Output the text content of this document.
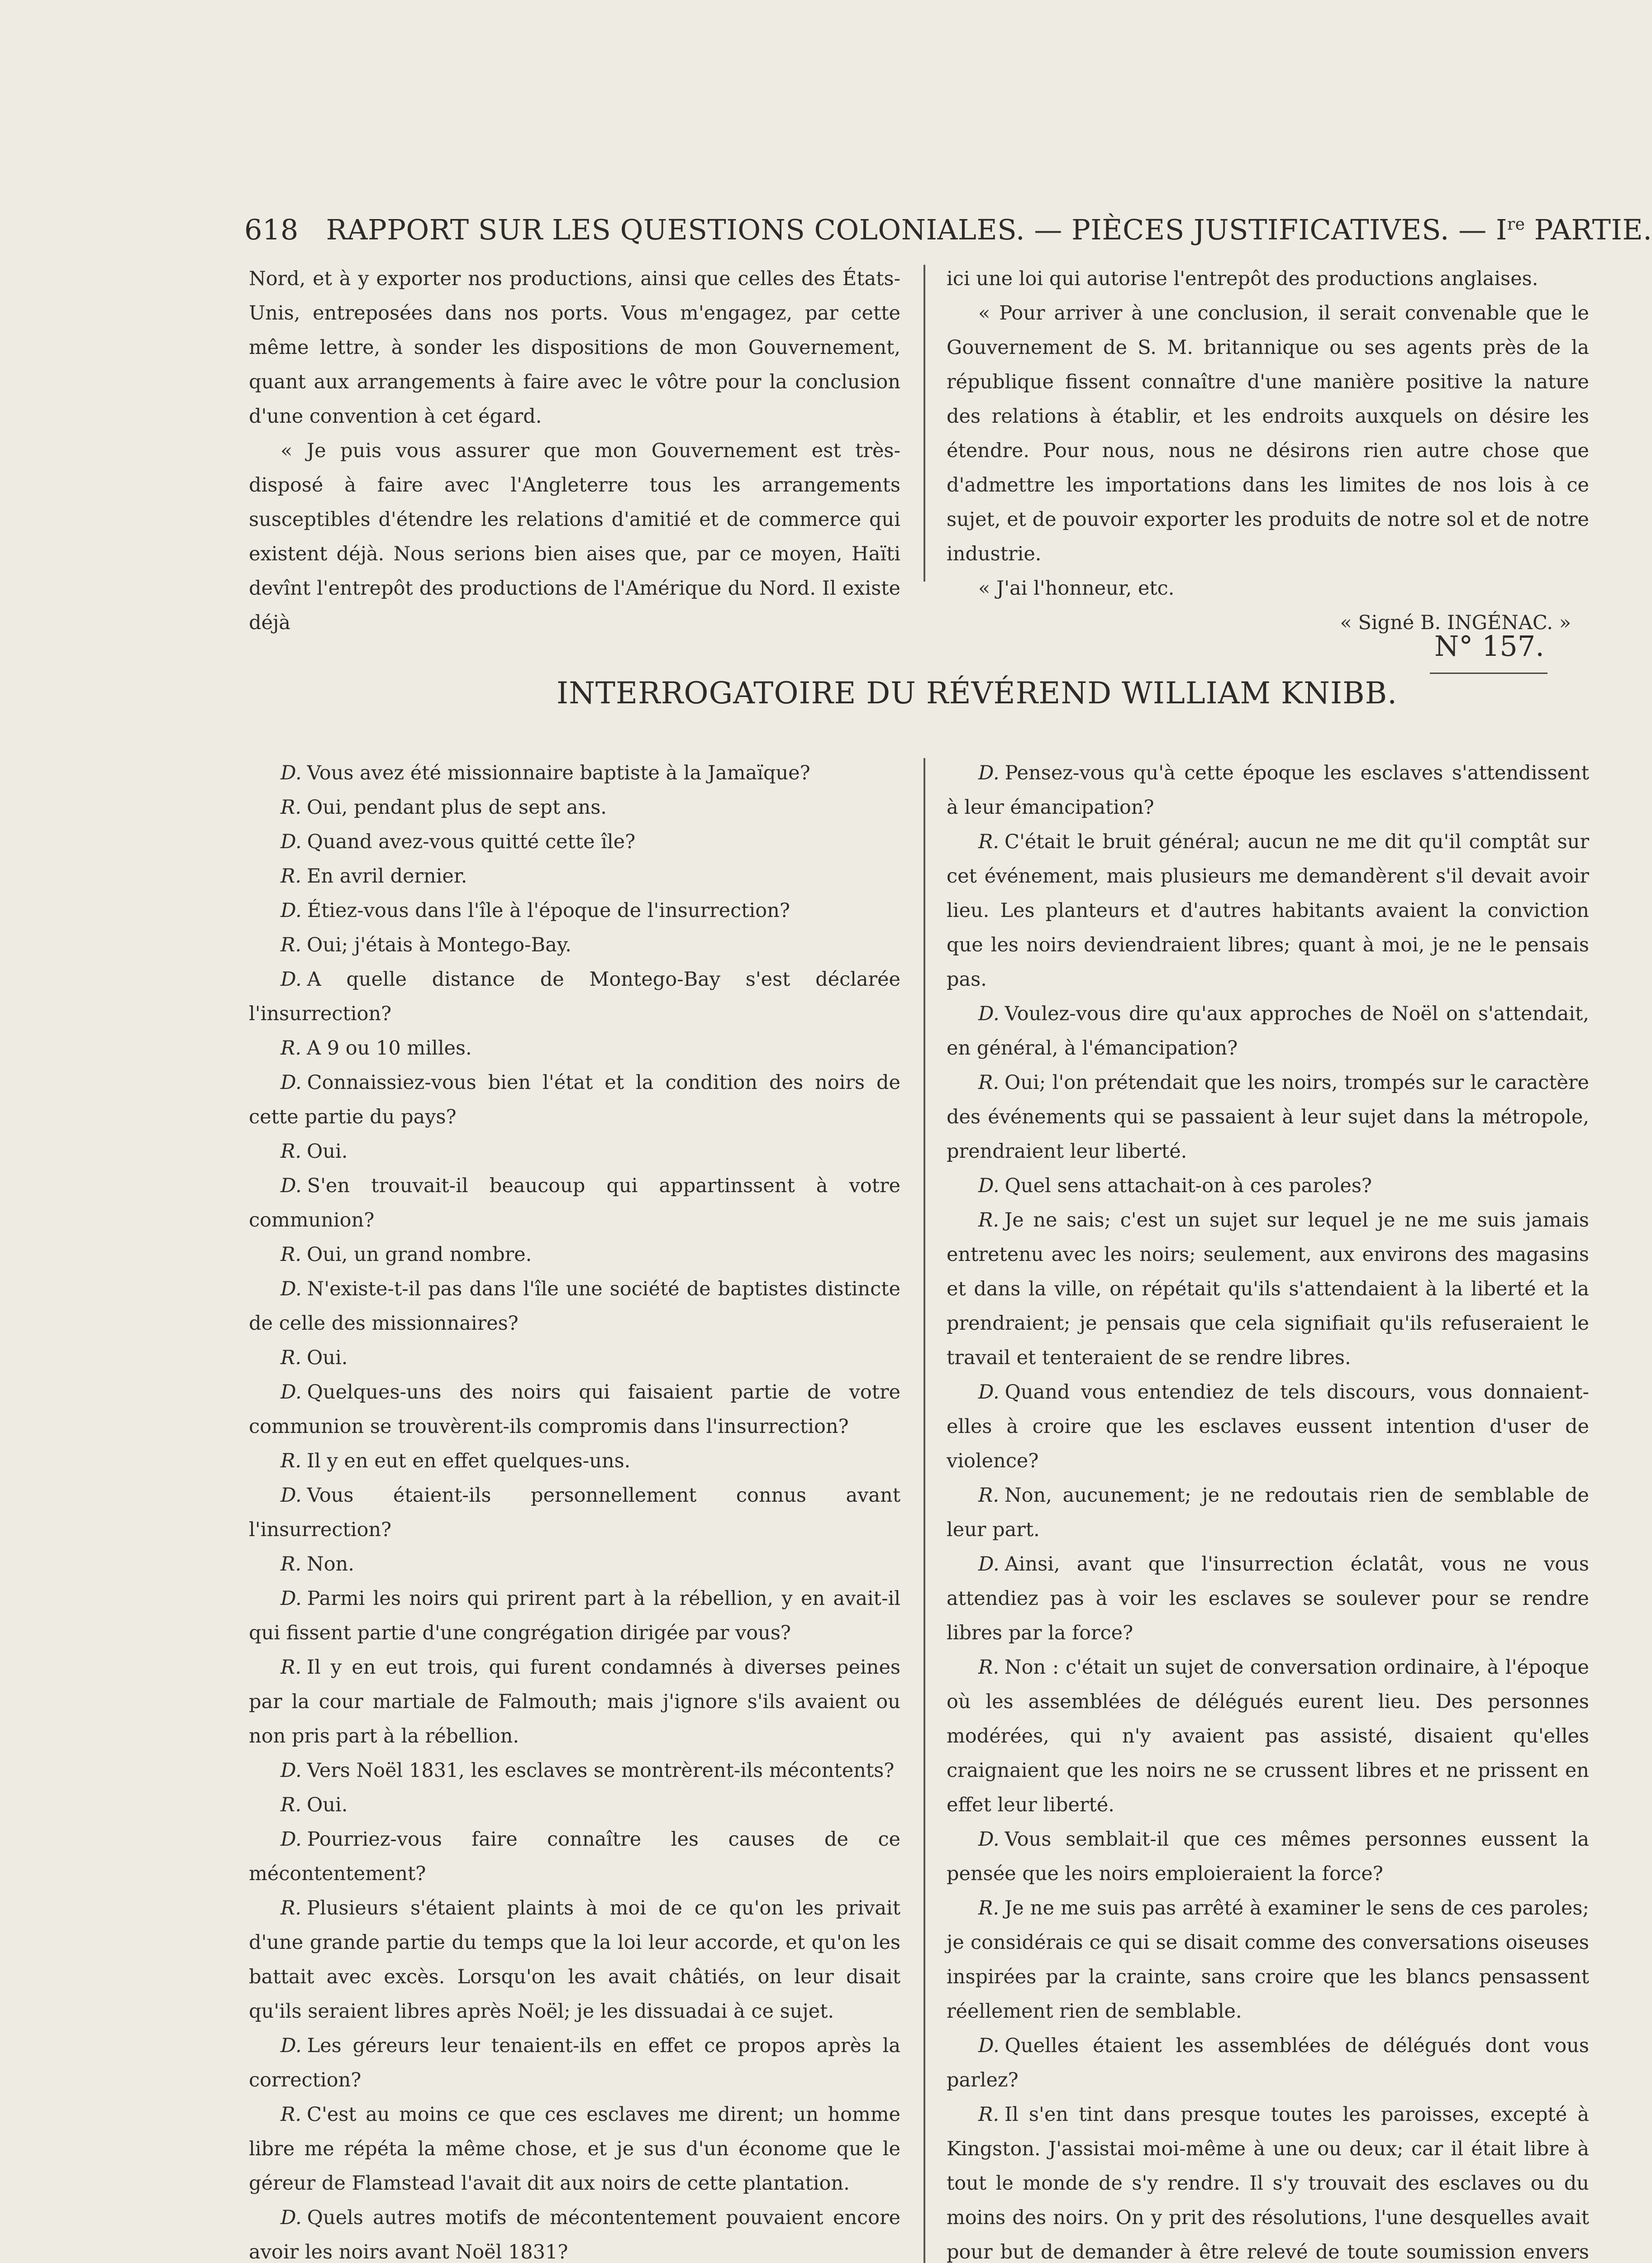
618 RAPPORT SUR LES QUESTIONS COLONIALES. — PIÈCES JUSTIFICATIVES. — Ire PARTIE.

Nord, et à y exporter nos productions, ainsi que celles des États-Unis, entreposées dans nos ports. Vous m'engagez, par cette même lettre, à sonder les dispositions de mon Gouvernement, quant aux arrangements à faire avec le vôtre pour la conclusion d'une convention à cet égard.

« Je puis vous assurer que mon Gouvernement est très-disposé à faire avec l'Angleterre tous les arrangements susceptibles d'étendre les relations d'amitié et de commerce qui existent déjà. Nous serions bien aises que, par ce moyen, Haïti devînt l'entrepôt des productions de l'Amérique du Nord. Il existe déjà

ici une loi qui autorise l'entrepôt des productions anglaises.

« Pour arriver à une conclusion, il serait convenable que le Gouvernement de S. M. britannique ou ses agents près de la république fissent connaître d'une manière positive la nature des relations à établir, et les endroits auxquels on désire les étendre. Pour nous, nous ne désirons rien autre chose que d'admettre les importations dans les limites de nos lois à ce sujet, et de pouvoir exporter les produits de notre sol et de notre industrie.

« J'ai l'honneur, etc.

« Signé B. INGÉNAC. »

N° 157.
INTERROGATOIRE DU RÉVÉREND WILLIAM KNIBB.

D. Vous avez été missionnaire baptiste à la Jamaïque?

R. Oui, pendant plus de sept ans.

D. Quand avez-vous quitté cette île?

R. En avril dernier.

D. Étiez-vous dans l'île à l'époque de l'insurrection?

R. Oui; j'étais à Montego-Bay.

D. A quelle distance de Montego-Bay s'est déclarée l'insurrection?

R. A 9 ou 10 milles.

D. Connaissiez-vous bien l'état et la condition des noirs de cette partie du pays?

R. Oui.

D. S'en trouvait-il beaucoup qui appartinssent à votre communion?

R. Oui, un grand nombre.

D. N'existe-t-il pas dans l'île une société de baptistes distincte de celle des missionnaires?

R. Oui.

D. Quelques-uns des noirs qui faisaient partie de votre communion se trouvèrent-ils compromis dans l'insurrection?

R. Il y en eut en effet quelques-uns.

D. Vous étaient-ils personnellement connus avant l'insurrection?

R. Non.

D. Parmi les noirs qui prirent part à la rébellion, y en avait-il qui fissent partie d'une congrégation dirigée par vous?

R. Il y en eut trois, qui furent condamnés à diverses peines par la cour martiale de Falmouth; mais j'ignore s'ils avaient ou non pris part à la rébellion.

D. Vers Noël 1831, les esclaves se montrèrent-ils mécontents?

R. Oui.

D. Pourriez-vous faire connaître les causes de ce mécontentement?

R. Plusieurs s'étaient plaints à moi de ce qu'on les privait d'une grande partie du temps que la loi leur accorde, et qu'on les battait avec excès. Lorsqu'on les avait châtiés, on leur disait qu'ils seraient libres après Noël; je les dissuadai à ce sujet.

D. Les géreurs leur tenaient-ils en effet ce propos après la correction?

R. C'est au moins ce que ces esclaves me dirent; un homme libre me répéta la même chose, et je sus d'un économe que le géreur de Flamstead l'avait dit aux noirs de cette plantation.

D. Quels autres motifs de mécontentement pouvaient encore avoir les noirs avant Noël 1831?

D. Pensez-vous qu'à cette époque les esclaves s'attendissent à leur émancipation?

R. C'était le bruit général; aucun ne me dit qu'il comptât sur cet événement, mais plusieurs me demandèrent s'il devait avoir lieu. Les planteurs et d'autres habitants avaient la conviction que les noirs deviendraient libres; quant à moi, je ne le pensais pas.

D. Voulez-vous dire qu'aux approches de Noël on s'attendait, en général, à l'émancipation?

R. Oui; l'on prétendait que les noirs, trompés sur le caractère des événements qui se passaient à leur sujet dans la métropole, prendraient leur liberté.

D. Quel sens attachait-on à ces paroles?

R. Je ne sais; c'est un sujet sur lequel je ne me suis jamais entretenu avec les noirs; seulement, aux environs des magasins et dans la ville, on répétait qu'ils s'attendaient à la liberté et la prendraient; je pensais que cela signifiait qu'ils refuseraient le travail et tenteraient de se rendre libres.

D. Quand vous entendiez de tels discours, vous donnaient-elles à croire que les esclaves eussent intention d'user de violence?

R. Non, aucunement; je ne redoutais rien de semblable de leur part.

D. Ainsi, avant que l'insurrection éclatât, vous ne vous attendiez pas à voir les esclaves se soulever pour se rendre libres par la force?

R. Non : c'était un sujet de conversation ordinaire, à l'époque où les assemblées de délégués eurent lieu. Des personnes modérées, qui n'y avaient pas assisté, disaient qu'elles craignaient que les noirs ne se crussent libres et ne prissent en effet leur liberté.

D. Vous semblait-il que ces mêmes personnes eussent la pensée que les noirs emploieraient la force?

R. Je ne me suis pas arrêté à examiner le sens de ces paroles; je considérais ce qui se disait comme des conversations oiseuses inspirées par la crainte, sans croire que les blancs pensassent réellement rien de semblable.

D. Quelles étaient les assemblées de délégués dont vous parlez?

R. Il s'en tint dans presque toutes les paroisses, excepté à Kingston. J'assistai moi-même à une ou deux; car il était libre à tout le monde de s'y rendre. Il s'y trouvait des esclaves ou du moins des noirs. On y prit des résolutions, l'une desquelles avait pour but de demander à être relevé de toute soumission envers
